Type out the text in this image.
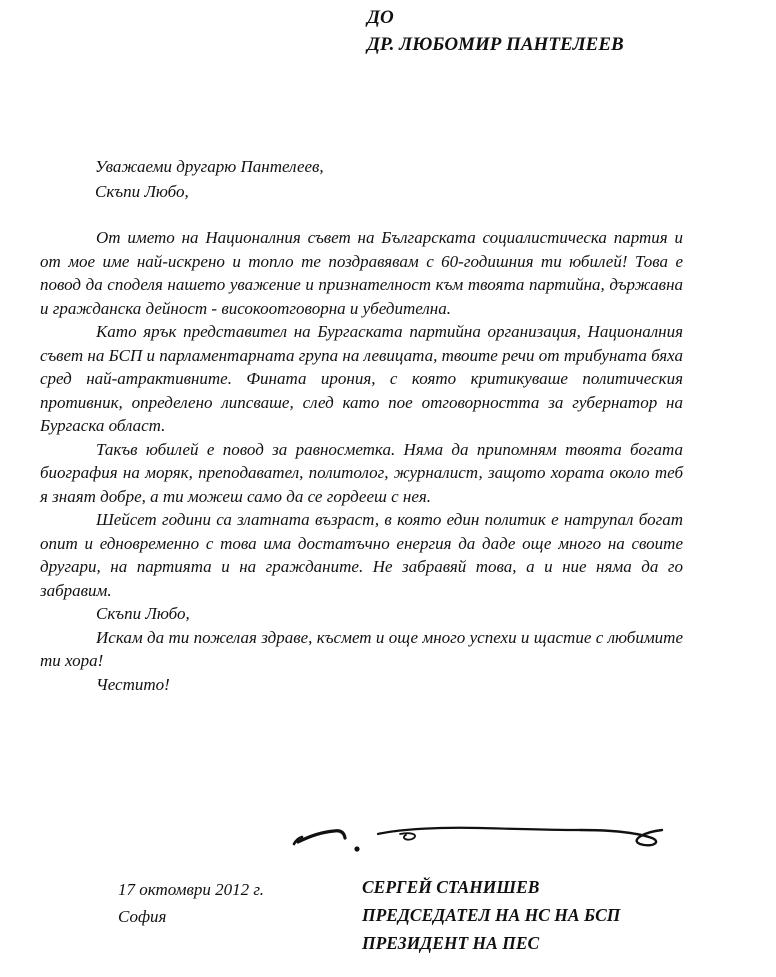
ДО
ДР. ЛЮБОМИР ПАНТЕЛЕЕВ
Уважаеми другарю Пантелеев,
Скъпи Любо,

От името на Националния съвет на Българската социалистическа партия и от мое име най-искрено и топло те поздравявам с 60-годишния ти юбилей! Това е повод да споделя нашето уважение и признателност към твоята партийна, държавна и гражданска дейност - високоотговорна и убедителна.

Като ярък представител на Бургаската партийна организация, Националния съвет на БСП и парламентарната група на левицата, твоите речи от трибуната бяха сред най-атрактивните. Фината ирония, с която критикуваше политическия противник, определено липсваше, след като пое отговорността за губернатор на Бургаска област.

Такъв юбилей е повод за равносметка. Няма да припомням твоята богата биография на моряк, преподавател, политолог, журналист, защото хората около теб я знаят добре, а ти можеш само да се гордееш с нея.

Шейсет години са златната възраст, в която един политик е натрупал богат опит и едновременно с това има достатъчно енергия да даде още много на своите другари, на партията и на гражданите. Не забравяй това, а и ние няма да го забравим.

Скъпи Любо,

Искам да ти пожелая здраве, късмет и още много успехи и щастие с любимите ти хора!

Честито!

17 октомври 2012 г.
София
СЕРГЕЙ СТАНИШЕВ
ПРЕДСЕДАТЕЛ НА НС НА БСП
ПРЕЗИДЕНТ НА ПЕС
